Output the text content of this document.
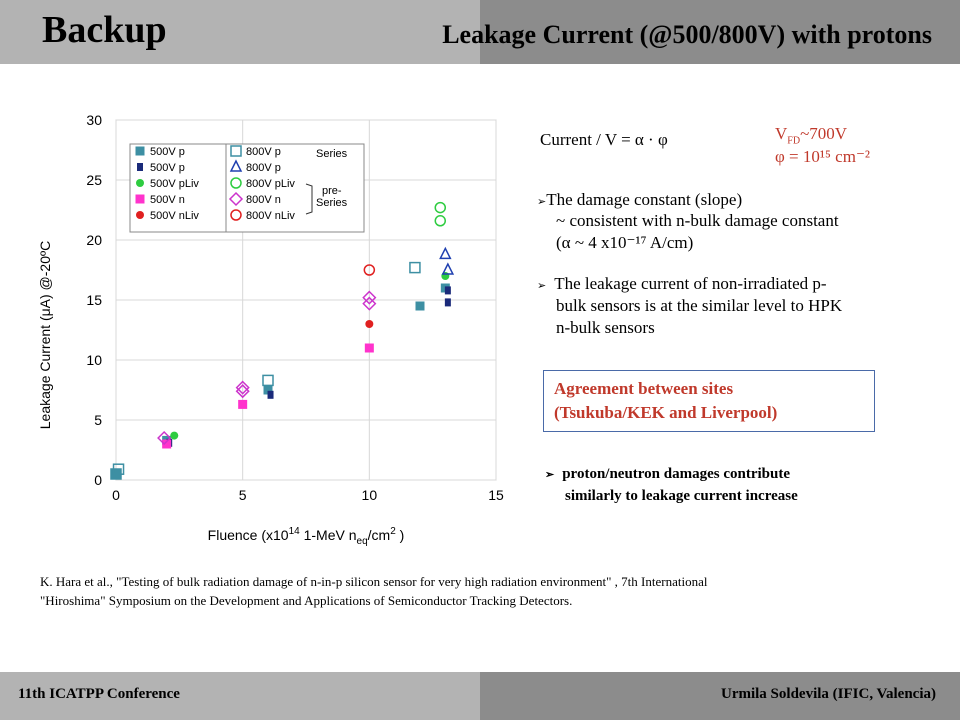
Backup	Leakage Current (@500/800V) with protons
0	5	10	15
0
5
10
15
20
25
30
500V p
500V p
500V pLiv
500V n
500V nLiv
800V p
800V p
800V pLiv
800V n
800V nLiv
Series
pre-
Series
Leakage Current (μA) @-20ºC
Fluence ($x10^{14}$ 1-MeV $n_{eq}/cm^2$ )
Current / V = α · φ	$V_{FD}\sim 700V$
φ = 10¹⁵ cm⁻²
➢The damage constant (slope)
~ consistent with n-bulk damage constant
(α ~ 4 x10⁻¹⁷ A/cm)
➢ The leakage current of non-irradiated p-
bulk sensors is at the similar level to HPK
n-bulk sensors
Agreement between sites
(Tsukuba/KEK and Liverpool)
➢ proton/neutron damages contribute
similarly to leakage current increase
K. Hara et al., "Testing of bulk radiation damage of n-in-p silicon sensor for very high radiation environment" , 7th International
"Hiroshima" Symposium on the Development and Applications of Semiconductor Tracking Detectors.
11th ICATPP Conference	Urmila Soldevila (IFIC, Valencia)
